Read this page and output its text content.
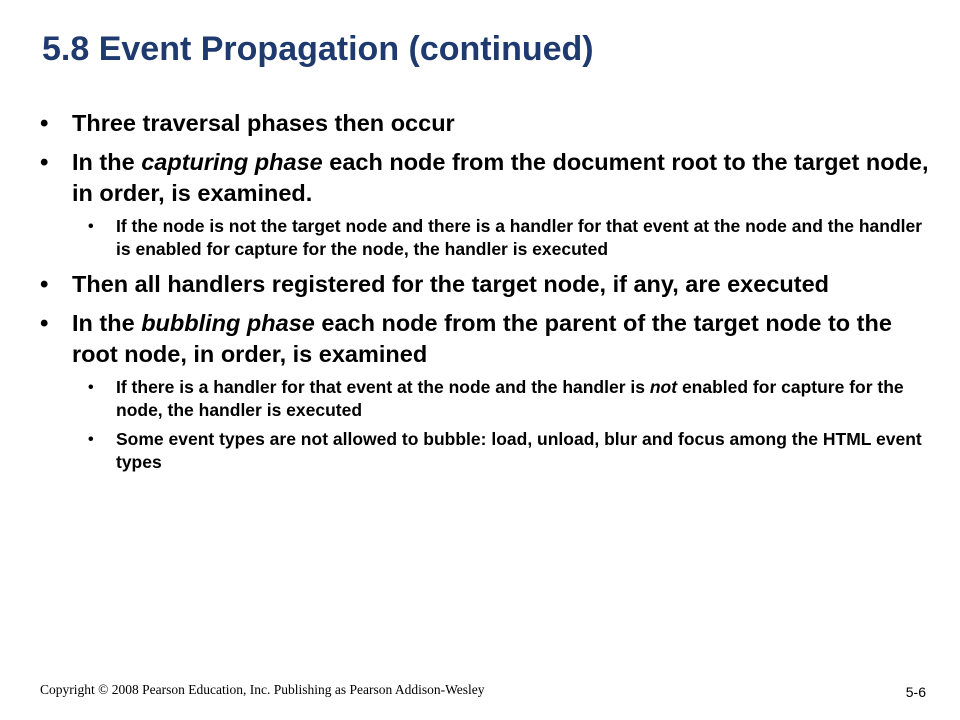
5.8 Event Propagation (continued)
• Three traversal phases then occur
• In the capturing phase each node from the document root to the target node, in order, is examined.
• If the node is not the target node and there is a handler for that event at the node and the handler is enabled for capture for the node, the handler is executed
• Then all handlers registered for the target node, if any, are executed
• In the bubbling phase each node from the parent of the target node to the root node, in order, is examined
• If there is a handler for that event at the node and the handler is not enabled for capture for the node, the handler is executed
• Some event types are not allowed to bubble: load, unload, blur and focus among the HTML event types
Copyright © 2008 Pearson Education, Inc. Publishing as Pearson Addison-Wesley	5-6
